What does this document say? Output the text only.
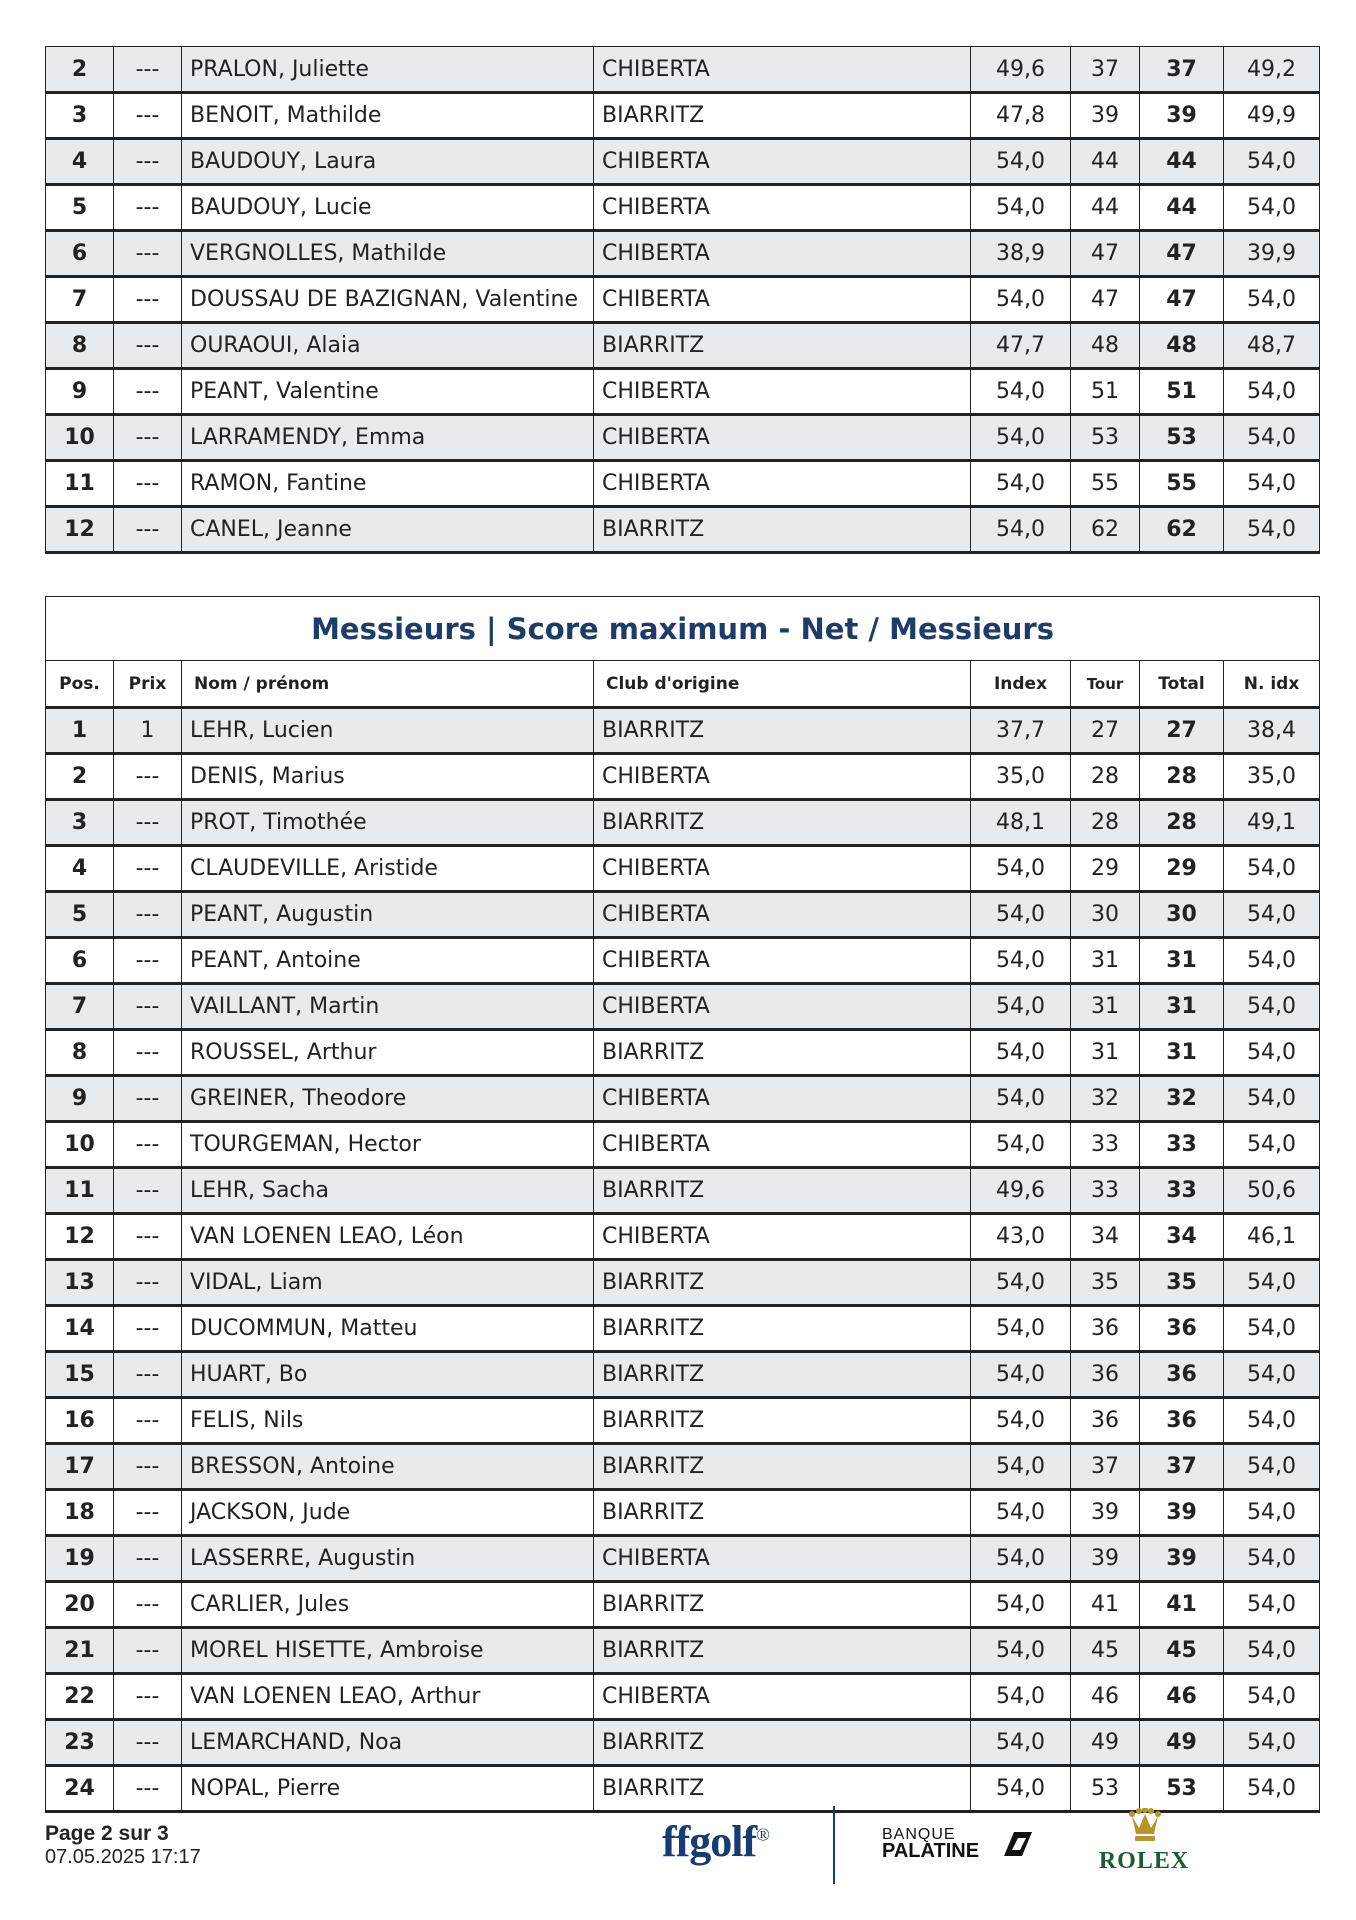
2	---	PRALON, Juliette	CHIBERTA	49,6	37	37	49,2
3	---	BENOIT, Mathilde	BIARRITZ	47,8	39	39	49,9
4	---	BAUDOUY, Laura	CHIBERTA	54,0	44	44	54,0
5	---	BAUDOUY, Lucie	CHIBERTA	54,0	44	44	54,0
6	---	VERGNOLLES, Mathilde	CHIBERTA	38,9	47	47	39,9
7	---	DOUSSAU DE BAZIGNAN, Valentine	CHIBERTA	54,0	47	47	54,0
8	---	OURAOUI, Alaia	BIARRITZ	47,7	48	48	48,7
9	---	PEANT, Valentine	CHIBERTA	54,0	51	51	54,0
10	---	LARRAMENDY, Emma	CHIBERTA	54,0	53	53	54,0
11	---	RAMON, Fantine	CHIBERTA	54,0	55	55	54,0
12	---	CANEL, Jeanne	BIARRITZ	54,0	62	62	54,0
Messieurs | Score maximum - Net / Messieurs							
Pos.	Prix	Nom / prénom	Club d'origine	Index	Tour	Total	N. idx
1	1	LEHR, Lucien	BIARRITZ	37,7	27	27	38,4
2	---	DENIS, Marius	CHIBERTA	35,0	28	28	35,0
3	---	PROT, Timothée	BIARRITZ	48,1	28	28	49,1
4	---	CLAUDEVILLE, Aristide	CHIBERTA	54,0	29	29	54,0
5	---	PEANT, Augustin	CHIBERTA	54,0	30	30	54,0
6	---	PEANT, Antoine	CHIBERTA	54,0	31	31	54,0
7	---	VAILLANT, Martin	CHIBERTA	54,0	31	31	54,0
8	---	ROUSSEL, Arthur	BIARRITZ	54,0	31	31	54,0
9	---	GREINER, Theodore	CHIBERTA	54,0	32	32	54,0
10	---	TOURGEMAN, Hector	CHIBERTA	54,0	33	33	54,0
11	---	LEHR, Sacha	BIARRITZ	49,6	33	33	50,6
12	---	VAN LOENEN LEAO, Léon	CHIBERTA	43,0	34	34	46,1
13	---	VIDAL, Liam	BIARRITZ	54,0	35	35	54,0
14	---	DUCOMMUN, Matteu	BIARRITZ	54,0	36	36	54,0
15	---	HUART, Bo	BIARRITZ	54,0	36	36	54,0
16	---	FELIS, Nils	BIARRITZ	54,0	36	36	54,0
17	---	BRESSON, Antoine	BIARRITZ	54,0	37	37	54,0
18	---	JACKSON, Jude	BIARRITZ	54,0	39	39	54,0
19	---	LASSERRE, Augustin	CHIBERTA	54,0	39	39	54,0
20	---	CARLIER, Jules	BIARRITZ	54,0	41	41	54,0
21	---	MOREL HISETTE, Ambroise	BIARRITZ	54,0	45	45	54,0
22	---	VAN LOENEN LEAO, Arthur	CHIBERTA	54,0	46	46	54,0
23	---	LEMARCHAND, Noa	BIARRITZ	54,0	49	49	54,0
24	---	NOPAL, Pierre	BIARRITZ	54,0	53	53	54,0
Page 2 sur 3
07.05.2025 17:17	ffgolf®	BANQUE
PALATINE	ROLEX
